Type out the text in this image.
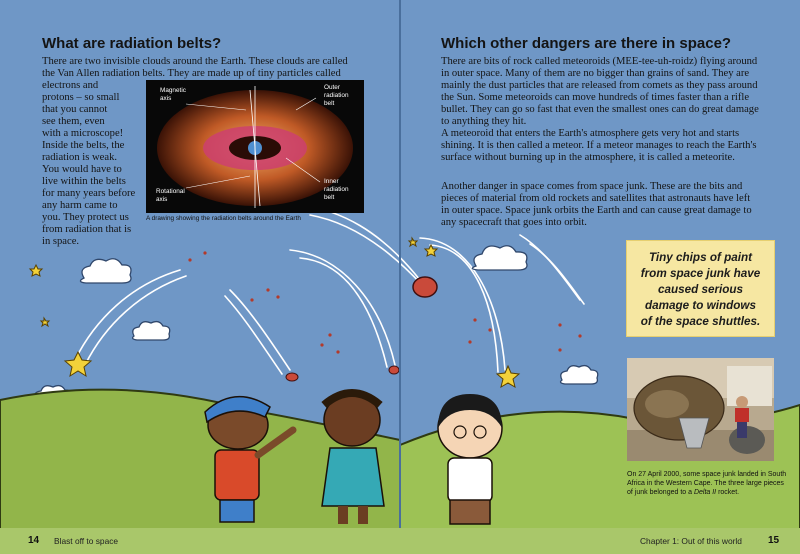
14 Blast off to space	Chapter 1: Out of this world	15
What are radiation belts?

There are two invisible clouds around the Earth. These clouds are called the Van Allen radiation belts. They are made up of tiny particles called

electrons and
protons – so small
that you cannot
see them, even
with a microscope!
Inside the belts, the
radiation is weak.
You would have to
live within the belts
for many years before
any harm came to
you. They protect us
from radiation that is
in space.

Magnetic
axis
Outer
radiation
belt
Rotational
axis
Inner
radiation
belt
A drawing showing the radiation belts around the Earth
Which other dangers are there in space?

There are bits of rock called meteoroids (MEE-tee-uh-roidz) flying around in outer space. Many of them are no bigger than grains of sand. They are mainly the dust particles that are released from comets as they pass around the Sun. Some meteoroids can move hundreds of times faster than a rifle bullet. They can go so fast that even the smallest ones can do great damage to anything they hit.

A meteoroid that enters the Earth's atmosphere gets very hot and starts shining. It is then called a meteor. If a meteor manages to reach the Earth's surface without burning up in the atmosphere, it is called a meteorite.

Another danger in space comes from space junk. These are the bits and pieces of material from old rockets and satellites that astronauts have left in outer space. Space junk orbits the Earth and can cause great damage to any spacecraft that goes into orbit.

Tiny chips of paint from space junk have caused serious damage to windows of the space shuttles.

On 27 April 2000, some space junk landed in South Africa in the Western Cape. The three large pieces of junk belonged to a Delta II rocket.
